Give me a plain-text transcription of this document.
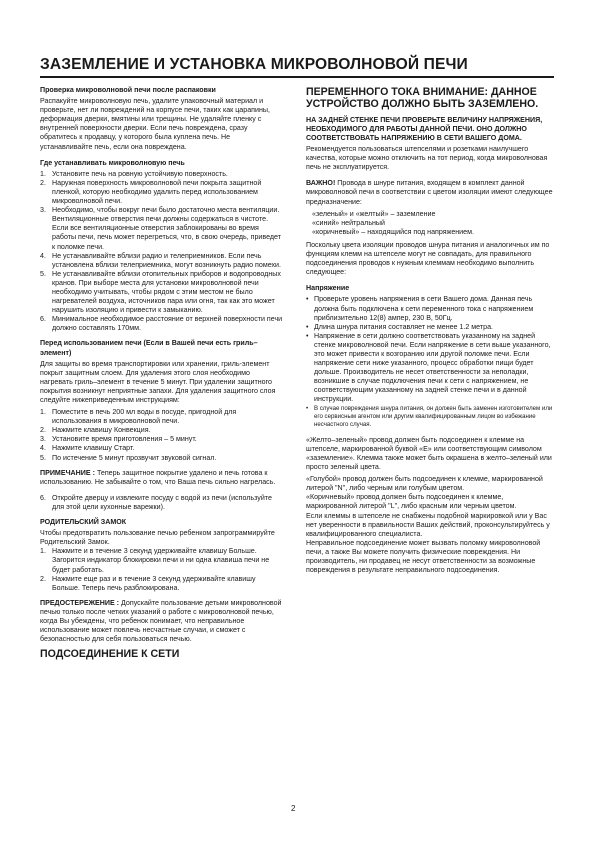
ЗАЗЕМЛЕНИЕ И УСТАНОВКА МИКРОВОЛНОВОЙ ПЕЧИ
Проверка микроволновой печи после распаковки
Распакуйте микроволновую печь, удалите упаковочный материал и проверьте, нет ли повреждений на корпусе печи, таких как царапины, деформация дверки, вмятины или трещины. Не удаляйте пленку с внутренней поверхности дверки. Если печь повреждена, сразу обратитесь к продавцу, у которого была куплена печь. Не устанавливайте печь, если она повреждена.
Где устанавливать микроволновую печь
1. Установите печь на ровную устойчивую поверхность.
2. Наружная поверхность микроволновой печи покрыта защитной пленкой, которую необходимо удалить перед использованием микроволновой печи.
3. Необходимо, чтобы вокруг печи было достаточно места вентиляции. Вентиляционные отверстия печи должны содержаться в чистоте. Если все вентиляционные отверстия заблокированы во время работы печи, печь может перегреться, что, в свою очередь, приведет к поломке печи.
4. Не устанавливайте вблизи радио и телеприемников. Если печь установлена вблизи телеприемника, могут возникнуть радио помехи.
5. Не устанавливайте вблизи отопительных приборов и водопроводных кранов. При выборе места для установки микроволновой печи необходимо учитывать, чтобы рядом с этим местом не было нагревателей воздуха, источников пара или огня, так как это может нарушить изоляцию и привести к замыканию.
6. Минимальное необходимое расстояние от верхней поверхности печи должно составлять 170мм.
Перед использованием печи (Если в Вашей печи есть гриль–элемент)
Для защиты во время транспортировки или хранении, гриль-элемент покрыт защитным слоем. Для удаления этого слоя необходимо нагревать гриль–элемент в течение 5 минут. При удалении защитного покрытия возникнут неприятные запахи. Для удаления защитного слоя следуйте нижеприведенным инструкциям:
1. Поместите в печь 200 мл воды в посуде, пригодной для использования в микроволновой печи.
2. Нажмите клавишу Конвекция.
3. Установите время приготовления – 5 минут.
4. Нажмите клавишу Старт.
5. По истечение 5 минут прозвучит звуковой сигнал.
ПРИМЕЧАНИЕ : Теперь защитное покрытие удалено и печь готова к использованию. Не забывайте о том, что Ваша печь сильно нагрелась.
6. Откройте дверцу и извлеките посуду с водой из печи (используйте для этой цели кухонные варежки).
РОДИТЕЛЬСКИЙ ЗАМОК
Чтобы предотвратить пользование печью ребенком запрограммируйте Родительский Замок.
1. Нажмите и в течение 3 секунд удерживайте клавишу Больше. Загорится индикатор блокировки печи и ни одна клавиша печи не будет работать.
2. Нажмите еще раз и в течение 3 секунд удерживайте клавишу Больше. Теперь печь разблокирована.
ПРЕДОСТЕРЕЖЕНИЕ : Допускайте пользование детьми микроволновой печью только после четких указаний о работе с микроволновой печью, когда Вы убеждены, что ребенок понимает, что неправильное использование может повлечь несчастные случаи, и сможет с безопасностью для себя пользоваться печью.
ПОДСОЕДИНЕНИЕ К СЕТИ
ПЕРЕМЕННОГО ТОКА ВНИМАНИЕ: ДАННОЕ УСТРОЙСТВО ДОЛЖНО БЫТЬ ЗАЗЕМЛЕНО.
НА ЗАДНЕЙ СТЕНКЕ ПЕЧИ ПРОВЕРЬТЕ ВЕЛИЧИНУ НАПРЯЖЕНИЯ, НЕОБХОДИМОГО ДЛЯ РАБОТЫ ДАННОЙ ПЕЧИ. ОНО ДОЛЖНО СООТВЕТСТВОВАТЬ НАПРЯЖЕНИЮ В СЕТИ ВАШЕГО ДОМА.
Рекомендуется пользоваться штепселями и розетками наилучшего качества, которые можно отключить на тот период, когда микроволновая печь не эксплуатируется.
ВАЖНО! Провода в шнуре питания, входящем в комплект данной микроволновой печи в соответствии с цветом изоляции имеют следующее предназначение:
«зеленый» и «желтый» – заземление
«синий» нейтральный
«коричневый» – находящийся под напряжением.
Поскольку цвета изоляции проводов шнура питания и аналогичных им по функциям клемм на штепселе могут не совпадать, для правильного подсоединения проводов к нужным клеммам необходимо выполнить следующее:
Напряжение
• Проверьте уровень напряжения в сети Вашего дома. Данная печь должна быть подключена к сети переменного тока с напряжением приблизительно 12(8) ампер, 230 В, 50Гц.
• Длина шнура питания составляет не менее 1.2 метра.
• Напряжение в сети должно соответствовать указанному на задней стенке микроволновой печи. Если напряжение в сети выше указанного, это может привести к возгоранию или другой поломке печи. Если напряжение сети ниже указанного, процесс обработки пищи будет дольше. Производитель не несет ответственности за неполадки, возникшие в случае подключения печи к сети с напряжением, не соответствующим указанному на задней стенке печи и в данной инструкции.
• В случае повреждения шнура питания, он должен быть заменен изготовителем или его сервисным агентом или другим квалифицированным лицом во избежание несчастного случая.
«Желто–зеленый» провод должен быть подсоединен к клемме на штепселе, маркированной буквой «E» или соответствующим символом «заземление». Клемма также может быть окрашена в желто–зеленый или просто зеленый цвета.
«Голубой» провод должен быть подсоединен к клемме, маркированной литерой "N", либо черным или голубым цветом.
«Коричневый» провод должен быть подсоединен к клемме, маркированной литерой "L", либо красным или черным цветом.
Если клеммы в штепселе не снабжены подобной маркировкой или у Вас нет уверенности в правильности Ваших действий, проконсультируйтесь у квалифицированного специалиста.
Неправильное подсоединение может вызвать поломку микроволновой печи, а также Вы можете получить физические повреждения. Ни производитель, ни продавец не несут ответственности за возможные повреждения в результате неправильного подсоединения.
2
